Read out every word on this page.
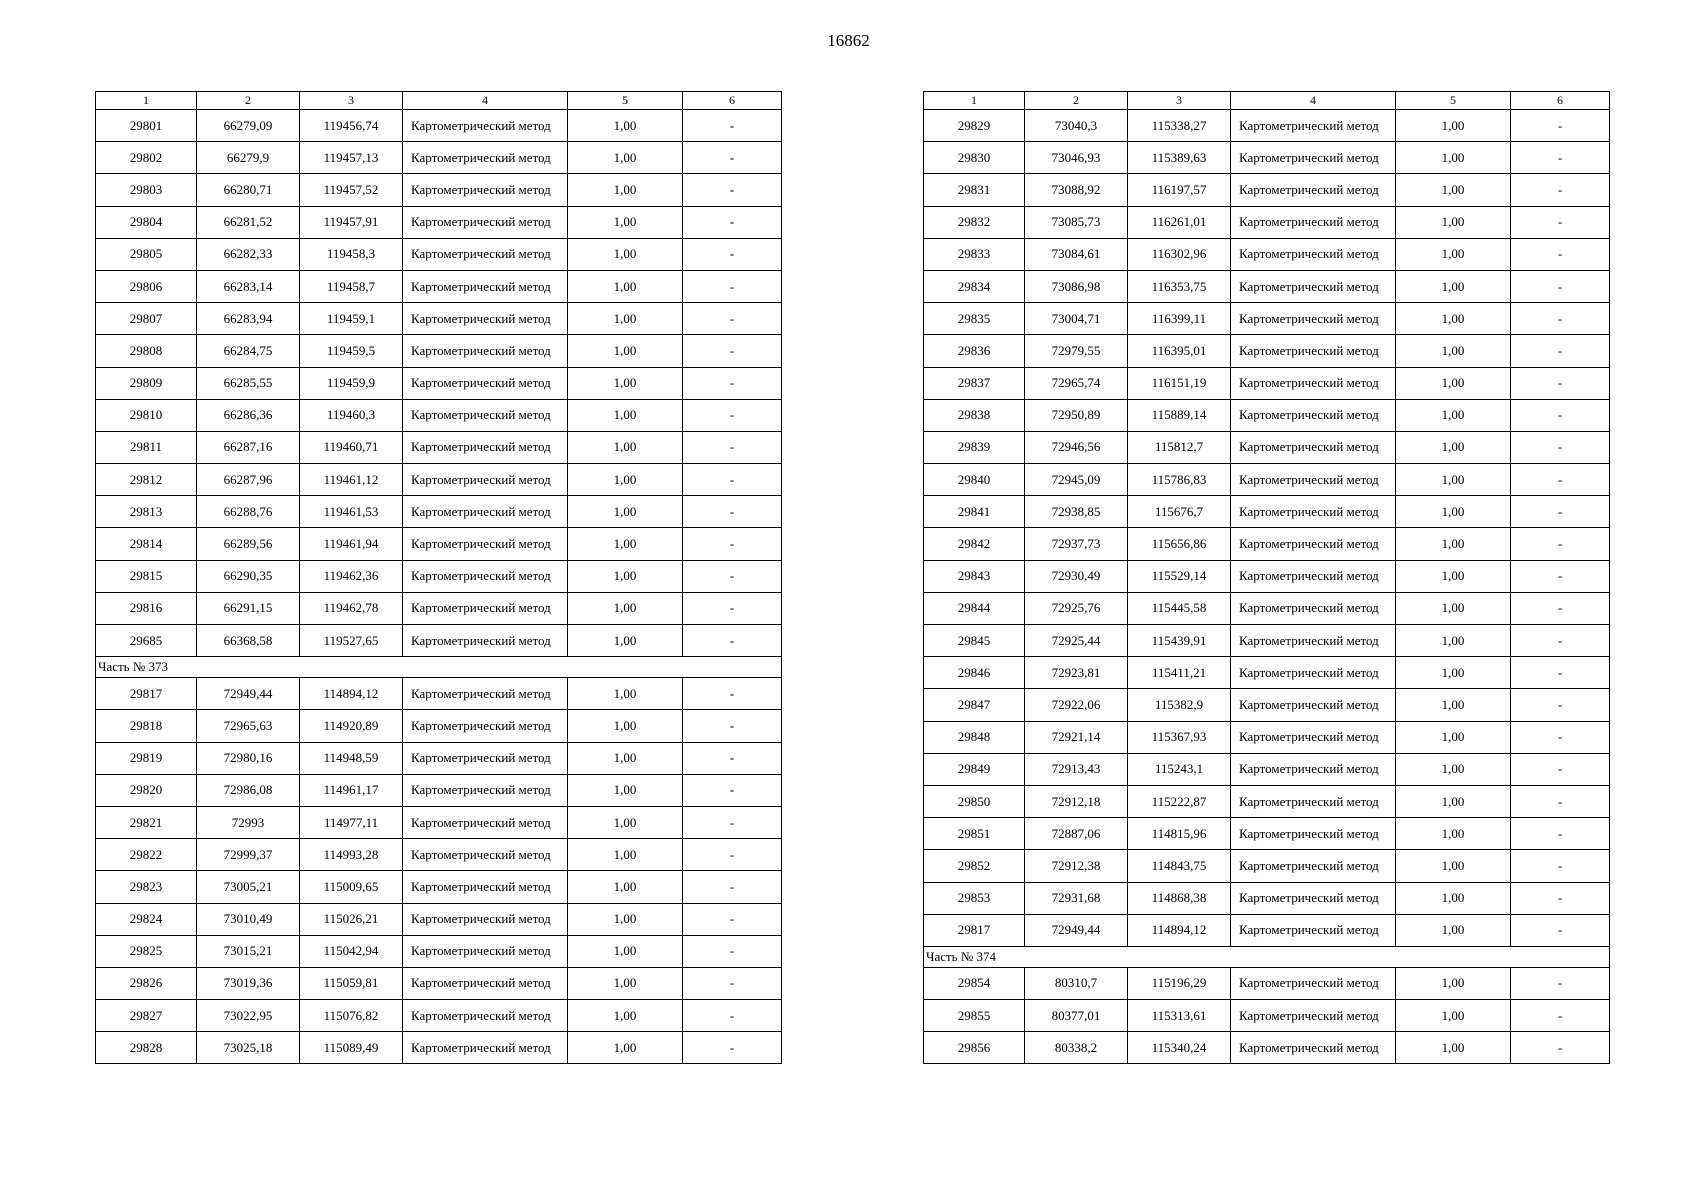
16862
1	2	3	4	5	6
29801	66279,09	119456,74	Картометрический метод	1,00	-
29802	66279,9	119457,13	Картометрический метод	1,00	-
29803	66280,71	119457,52	Картометрический метод	1,00	-
29804	66281,52	119457,91	Картометрический метод	1,00	-
29805	66282,33	119458,3	Картометрический метод	1,00	-
29806	66283,14	119458,7	Картометрический метод	1,00	-
29807	66283,94	119459,1	Картометрический метод	1,00	-
29808	66284,75	119459,5	Картометрический метод	1,00	-
29809	66285,55	119459,9	Картометрический метод	1,00	-
29810	66286,36	119460,3	Картометрический метод	1,00	-
29811	66287,16	119460,71	Картометрический метод	1,00	-
29812	66287,96	119461,12	Картометрический метод	1,00	-
29813	66288,76	119461,53	Картометрический метод	1,00	-
29814	66289,56	119461,94	Картометрический метод	1,00	-
29815	66290,35	119462,36	Картометрический метод	1,00	-
29816	66291,15	119462,78	Картометрический метод	1,00	-
29685	66368,58	119527,65	Картометрический метод	1,00	-
Часть № 373					
29817	72949,44	114894,12	Картометрический метод	1,00	-
29818	72965,63	114920,89	Картометрический метод	1,00	-
29819	72980,16	114948,59	Картометрический метод	1,00	-
29820	72986,08	114961,17	Картометрический метод	1,00	-
29821	72993	114977,11	Картометрический метод	1,00	-
29822	72999,37	114993,28	Картометрический метод	1,00	-
29823	73005,21	115009,65	Картометрический метод	1,00	-
29824	73010,49	115026,21	Картометрический метод	1,00	-
29825	73015,21	115042,94	Картометрический метод	1,00	-
29826	73019,36	115059,81	Картометрический метод	1,00	-
29827	73022,95	115076,82	Картометрический метод	1,00	-
29828	73025,18	115089,49	Картометрический метод	1,00	-
1	2	3	4	5	6
29829	73040,3	115338,27	Картометрический метод	1,00	-
29830	73046,93	115389,63	Картометрический метод	1,00	-
29831	73088,92	116197,57	Картометрический метод	1,00	-
29832	73085,73	116261,01	Картометрический метод	1,00	-
29833	73084,61	116302,96	Картометрический метод	1,00	-
29834	73086,98	116353,75	Картометрический метод	1,00	-
29835	73004,71	116399,11	Картометрический метод	1,00	-
29836	72979,55	116395,01	Картометрический метод	1,00	-
29837	72965,74	116151,19	Картометрический метод	1,00	-
29838	72950,89	115889,14	Картометрический метод	1,00	-
29839	72946,56	115812,7	Картометрический метод	1,00	-
29840	72945,09	115786,83	Картометрический метод	1,00	-
29841	72938,85	115676,7	Картометрический метод	1,00	-
29842	72937,73	115656,86	Картометрический метод	1,00	-
29843	72930,49	115529,14	Картометрический метод	1,00	-
29844	72925,76	115445,58	Картометрический метод	1,00	-
29845	72925,44	115439,91	Картометрический метод	1,00	-
29846	72923,81	115411,21	Картометрический метод	1,00	-
29847	72922,06	115382,9	Картометрический метод	1,00	-
29848	72921,14	115367,93	Картометрический метод	1,00	-
29849	72913,43	115243,1	Картометрический метод	1,00	-
29850	72912,18	115222,87	Картометрический метод	1,00	-
29851	72887,06	114815,96	Картометрический метод	1,00	-
29852	72912,38	114843,75	Картометрический метод	1,00	-
29853	72931,68	114868,38	Картометрический метод	1,00	-
29817	72949,44	114894,12	Картометрический метод	1,00	-
Часть № 374					
29854	80310,7	115196,29	Картометрический метод	1,00	-
29855	80377,01	115313,61	Картометрический метод	1,00	-
29856	80338,2	115340,24	Картометрический метод	1,00	-
